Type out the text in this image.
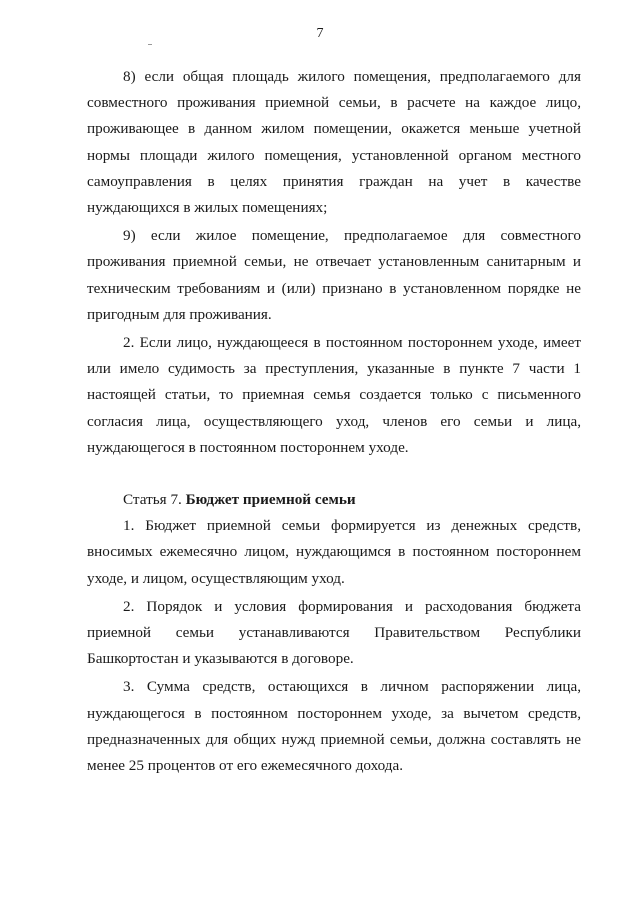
7

8) если общая площадь жилого помещения, предполагаемого для совместного проживания приемной семьи, в расчете на каждое лицо, проживающее в данном жилом помещении, окажется меньше учетной нормы площади жилого помещения, установленной органом местного самоуправления в целях принятия граждан на учет в качестве нуждающихся в жилых помещениях;

9) если жилое помещение, предполагаемое для совместного проживания приемной семьи, не отвечает установленным санитарным и техническим требованиям и (или) признано в установленном порядке не пригодным для проживания.

2. Если лицо, нуждающееся в постоянном постороннем уходе, имеет или имело судимость за преступления, указанные в пункте 7 части 1 настоящей статьи, то приемная семья создается только с письменного согласия лица, осуществляющего уход, членов его семьи и лица, нуждающегося в постоянном постороннем уходе.

Статья 7. Бюджет приемной семьи

1. Бюджет приемной семьи формируется из денежных средств, вносимых ежемесячно лицом, нуждающимся в постоянном постороннем уходе, и лицом, осуществляющим уход.

2. Порядок и условия формирования и расходования бюджета приемной семьи устанавливаются Правительством Республики Башкортостан и указываются в договоре.

3. Сумма средств, остающихся в личном распоряжении лица, нуждающегося в постоянном постороннем уходе, за вычетом средств, предназначенных для общих нужд приемной семьи, должна составлять не менее 25 процентов от его ежемесячного дохода.
